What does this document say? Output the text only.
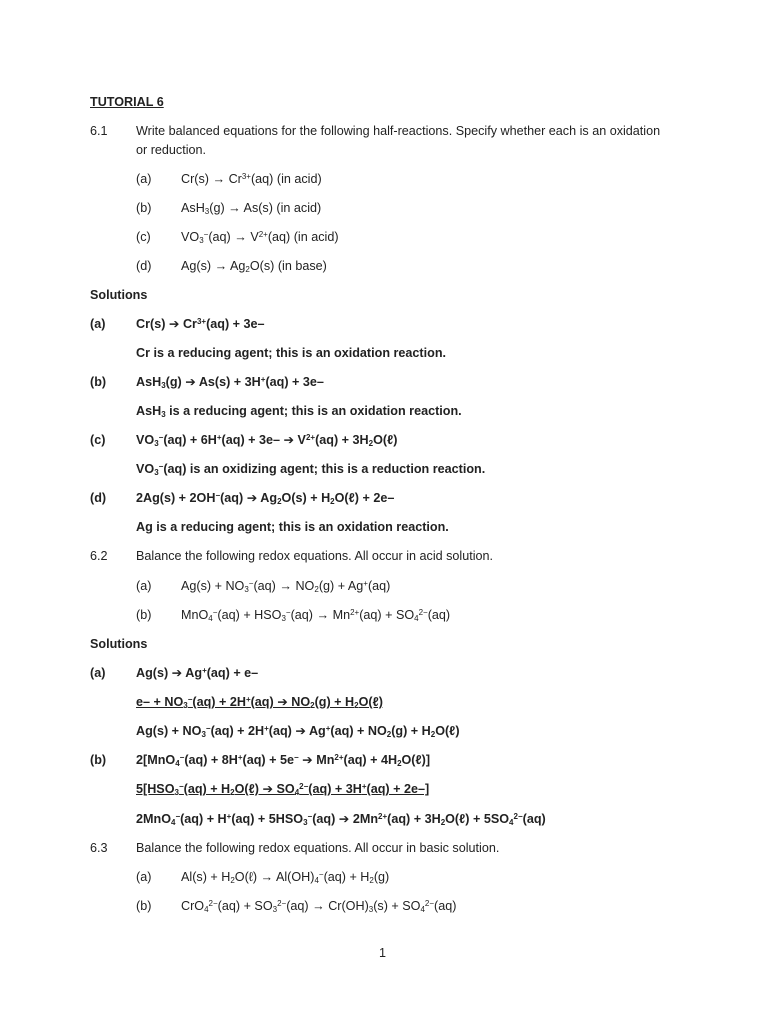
TUTORIAL 6
6.1 Write balanced equations for the following half-reactions. Specify whether each is an oxidation
or reduction.
(a) $Cr(s) \to Cr^{3+}(aq)$ (in acid)
(b) AsH$_3$(g) → As(s) (in acid)
(c) $VO_3^-(aq) \to V^{2+}(aq)$ (in acid)
(d) $Ag(s) \to Ag_2O(s)$ (in base)
Solutions
(a) Cr(s) ➔ $Cr^{3+}(aq) + 3e-$
Cr is a reducing agent; this is an oxidation reaction.
(b) AsH$_3$(g) ➔ As(s) + 3H+(aq) + 3e–
AsH$_3$ is a reducing agent; this is an oxidation reaction.
(c) $VO_3^-(aq) + 6H^+(aq) + 3e-$ ➔ $V^{2+}(aq)$ + $3H_2O(\ell)$
$VO_3^-(aq)$ is an oxidizing agent; this is a reduction reaction.
(d) 2Ag(s) + 2OH−(aq) ➔ $Ag_2O(s)$ + $H_2O(\ell) + 2e-$
Ag is a reducing agent; this is an oxidation reaction.
6.2 Balance the following redox equations. All occur in acid solution.
(a) $Ag(s) + NO_3^-(aq) \to NO_2(g) + Ag^+(aq)$
(b) $MnO_4^-(aq) + HSO_3^-(aq) \to Mn^{2+}(aq) + SO_4^{2-}(aq)$
Solutions
(a) Ag(s) ➔ Ag+(aq) + e–
$e- + NO_3^-(aq) + 2H^+(aq)$ ➔ $NO_2(g)$ + $H_2O(\ell)$
$Ag(s) + NO_3^-(aq) + 2H^+(aq)$ ➔ $Ag^+(aq) + NO_2(g)$ + $H_2O(\ell)$
(b) 2[MnO$_4$−(aq) + 8H+(aq) + 5e− ➔ $Mn^{2+}(aq)$ + $4H_2O(\ell)$]
$5[HSO_3^-(aq)$ + $H_2O(\ell)$ ➔ $SO_4^{2-}(aq) + 3H^+(aq) + 2e-$]
$2MnO_4^-(aq) + H^+(aq) + 5HSO_3^-(aq)$ ➔ $2Mn^{2+}(aq)$ + $3H_2O(\ell) + 5SO_4^{2-}(aq)$
6.3 Balance the following redox equations. All occur in basic solution.
(a) $Al(s) + H_2O(\ell) \to Al(OH)_4^-(aq) + H_2(g)$
(b) $CrO_4^{2-}(aq) + SO_3^{2-}(aq) \to Cr(OH)_3(s) + SO_4^{2-}(aq)$
1
